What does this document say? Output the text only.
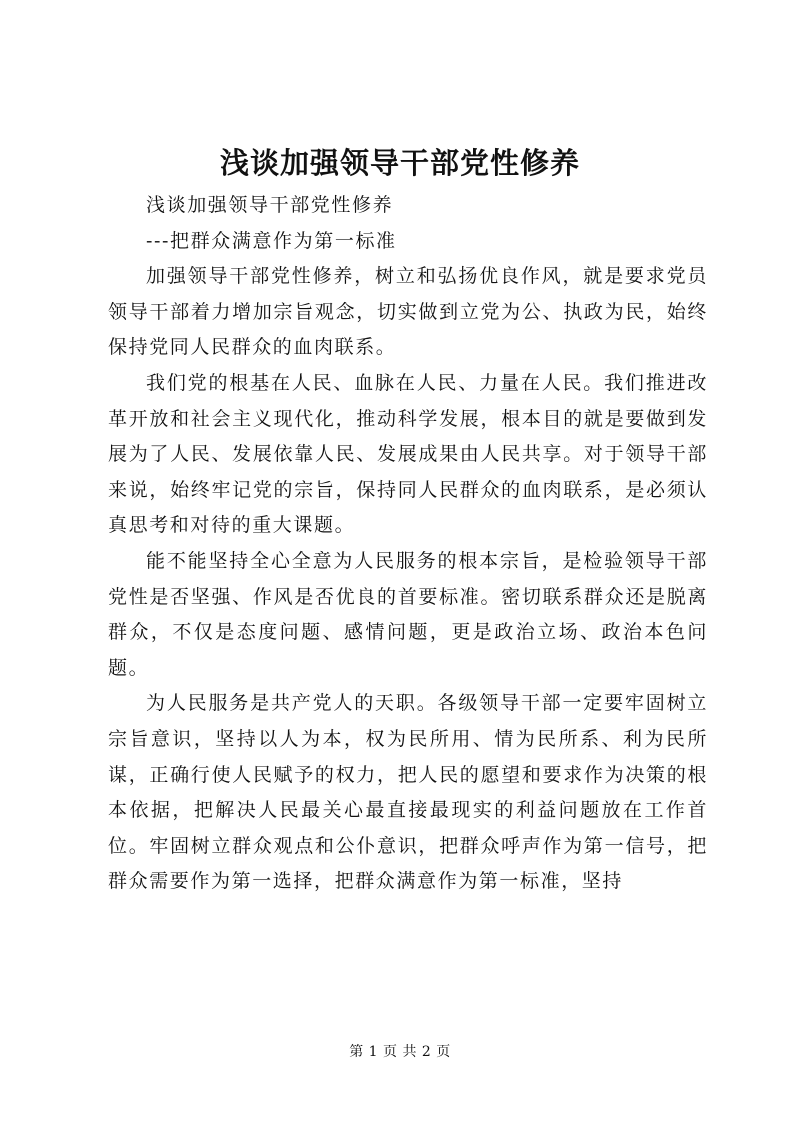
浅谈加强领导干部党性修养

浅谈加强领导干部党性修养

---把群众满意作为第一标准

加强领导干部党性修养，树立和弘扬优良作风，就是要求党员领导干部着力增加宗旨观念，切实做到立党为公、执政为民，始终保持党同人民群众的血肉联系。

我们党的根基在人民、血脉在人民、力量在人民。我们推进改革开放和社会主义现代化，推动科学发展，根本目的就是要做到发展为了人民、发展依靠人民、发展成果由人民共享。对于领导干部来说，始终牢记党的宗旨，保持同人民群众的血肉联系，是必须认真思考和对待的重大课题。

能不能坚持全心全意为人民服务的根本宗旨，是检验领导干部党性是否坚强、作风是否优良的首要标准。密切联系群众还是脱离群众，不仅是态度问题、感情问题，更是政治立场、政治本色问题。

为人民服务是共产党人的天职。各级领导干部一定要牢固树立宗旨意识，坚持以人为本，权为民所用、情为民所系、利为民所谋，正确行使人民赋予的权力，把人民的愿望和要求作为决策的根本依据，把解决人民最关心最直接最现实的利益问题放在工作首位。牢固树立群众观点和公仆意识，把群众呼声作为第一信号，把群众需要作为第一选择，把群众满意作为第一标准，坚持

第 1 页 共 2 页
